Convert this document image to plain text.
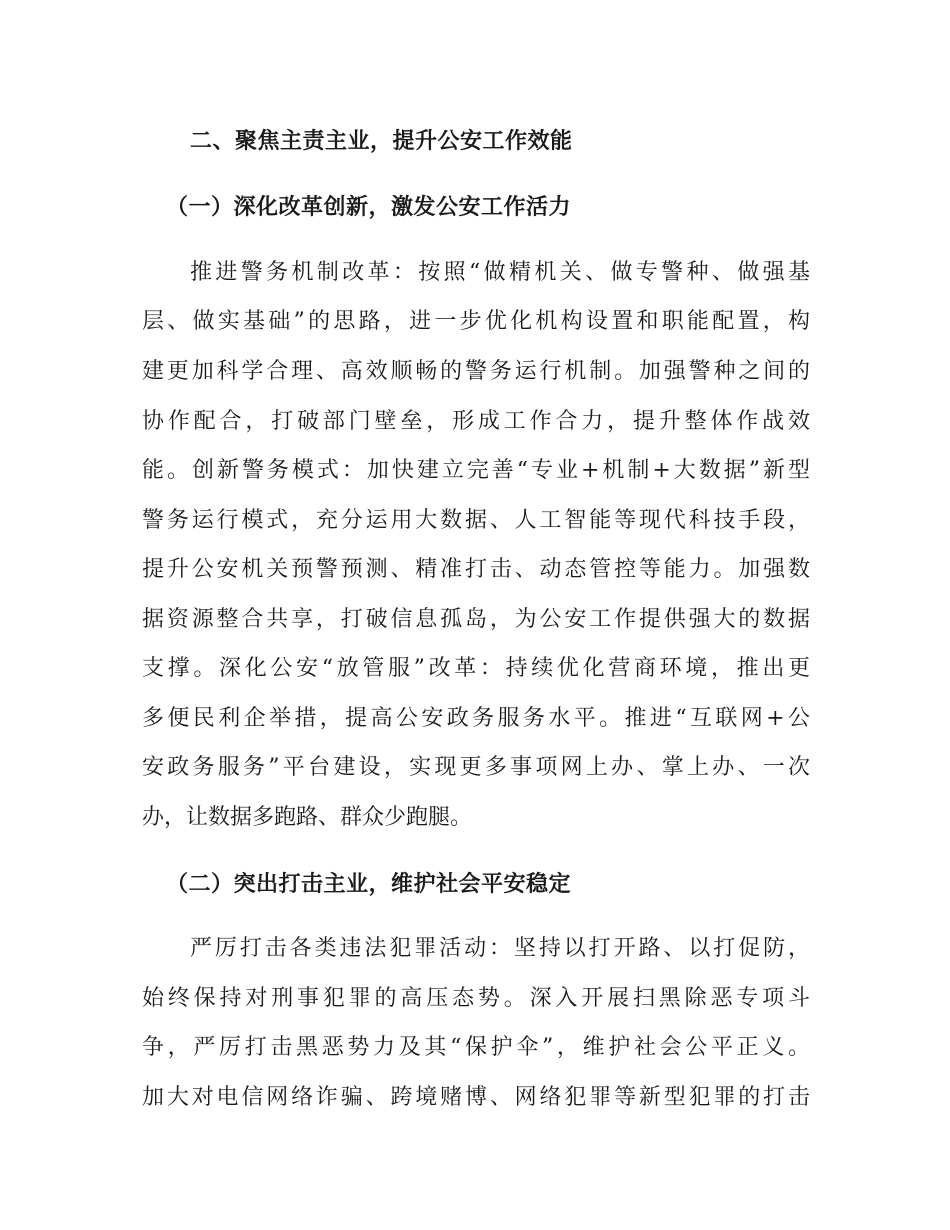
二、聚焦主责主业，提升公安工作效能
（一）深化改革创新，激发公安工作活力
推进警务机制改革：按照“做精机关、做专警种、做强基
层、做实基础”的思路，进一步优化机构设置和职能配置，构
建更加科学合理、高效顺畅的警务运行机制。加强警种之间的
协作配合，打破部门壁垒，形成工作合力，提升整体作战效
能。创新警务模式：加快建立完善“专业+机制+大数据”新型
警务运行模式，充分运用大数据、人工智能等现代科技手段，
提升公安机关预警预测、精准打击、动态管控等能力。加强数
据资源整合共享，打破信息孤岛，为公安工作提供强大的数据
支撑。深化公安“放管服”改革：持续优化营商环境，推出更
多便民利企举措，提高公安政务服务水平。推进“互联网+公
安政务服务”平台建设，实现更多事项网上办、掌上办、一次
办，让数据多跑路、群众少跑腿。
（二）突出打击主业，维护社会平安稳定
严厉打击各类违法犯罪活动：坚持以打开路、以打促防，
始终保持对刑事犯罪的高压态势。深入开展扫黑除恶专项斗
争，严厉打击黑恶势力及其“保护伞”，维护社会公平正义。
加大对电信网络诈骗、跨境赌博、网络犯罪等新型犯罪的打击
